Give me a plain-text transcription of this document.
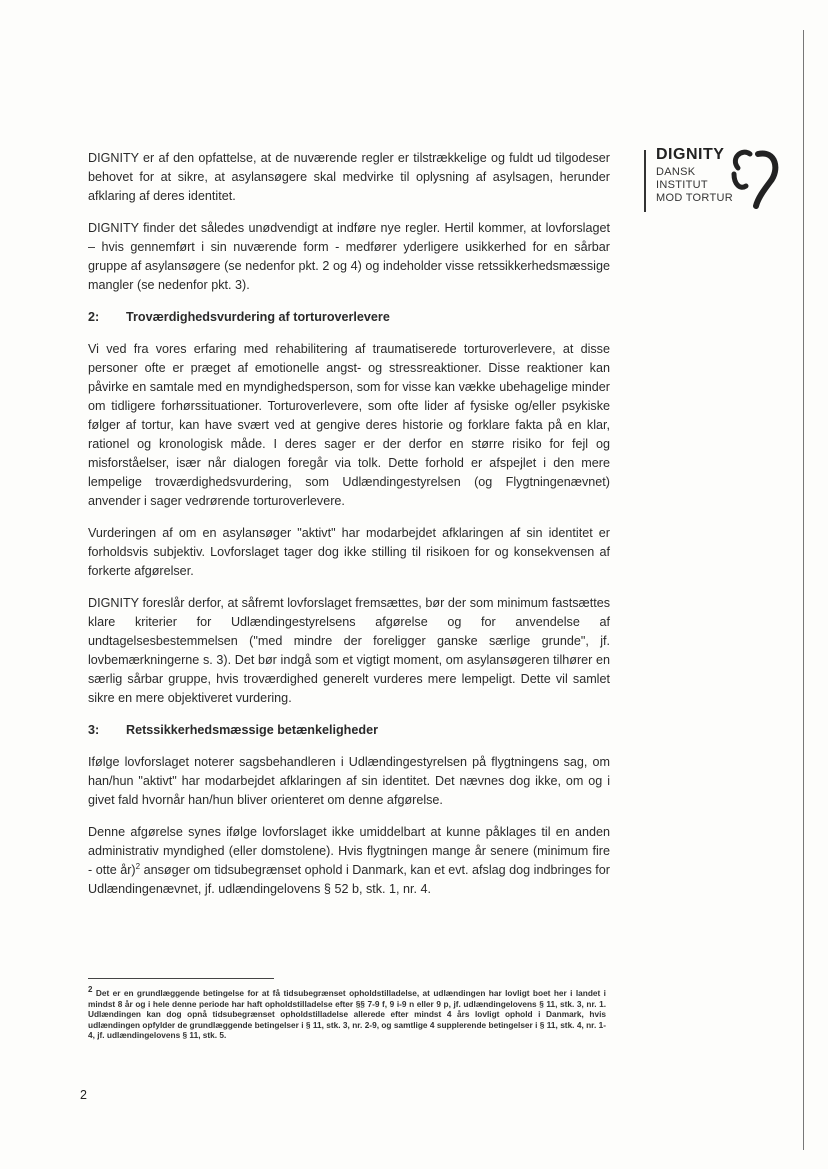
DIGNITY
DANSK
INSTITUT
MOD TORTUR

DIGNITY er af den opfattelse, at de nuværende regler er tilstrækkelige og fuldt ud tilgodeser behovet for at sikre, at asylansøgere skal medvirke til oplysning af asylsagen, herunder afklaring af deres identitet.

DIGNITY finder det således unødvendigt at indføre nye regler. Hertil kommer, at lovforslaget – hvis gennemført i sin nuværende form - medfører yderligere usikkerhed for en sårbar gruppe af asylansøgere (se nedenfor pkt. 2 og 4) og indeholder visse retssikkerhedsmæssige mangler (se nedenfor pkt. 3).

2:	Troværdighedsvurdering af torturoverlevere

Vi ved fra vores erfaring med rehabilitering af traumatiserede torturoverlevere, at disse personer ofte er præget af emotionelle angst- og stressreaktioner. Disse reaktioner kan påvirke en samtale med en myndighedsperson, som for visse kan vække ubehagelige minder om tidligere forhørssituationer. Torturoverlevere, som ofte lider af fysiske og/eller psykiske følger af tortur, kan have svært ved at gengive deres historie og forklare fakta på en klar, rationel og kronologisk måde. I deres sager er der derfor en større risiko for fejl og misforståelser, især når dialogen foregår via tolk. Dette forhold er afspejlet i den mere lempelige troværdighedsvurdering, som Udlændingestyrelsen (og Flygtningenævnet) anvender i sager vedrørende torturoverlevere.

Vurderingen af om en asylansøger "aktivt" har modarbejdet afklaringen af sin identitet er forholdsvis subjektiv. Lovforslaget tager dog ikke stilling til risikoen for og konsekvensen af forkerte afgørelser.

DIGNITY foreslår derfor, at såfremt lovforslaget fremsættes, bør der som minimum fastsættes klare kriterier for Udlændingestyrelsens afgørelse og for anvendelse af undtagelsesbestemmelsen ("med mindre der foreligger ganske særlige grunde", jf. lovbemærkningerne s. 3). Det bør indgå som et vigtigt moment, om asylansøgeren tilhører en særlig sårbar gruppe, hvis troværdighed generelt vurderes mere lempeligt. Dette vil samlet sikre en mere objektiveret vurdering.

3:	Retssikkerhedsmæssige betænkeligheder

Ifølge lovforslaget noterer sagsbehandleren i Udlændingestyrelsen på flygtningens sag, om han/hun "aktivt" har modarbejdet afklaringen af sin identitet. Det nævnes dog ikke, om og i givet fald hvornår han/hun bliver orienteret om denne afgørelse.

Denne afgørelse synes ifølge lovforslaget ikke umiddelbart at kunne påklages til en anden administrativ myndighed (eller domstolene). Hvis flygtningen mange år senere (minimum fire - otte år)$^2$ ansøger om tidsubegrænset ophold i Danmark, kan et evt. afslag dog indbringes for Udlændingenævnet, jf. udlændingelovens § 52 b, stk. 1, nr. 4.

$^2$ Det er en grundlæggende betingelse for at få tidsubegrænset opholdstilladelse, at udlændingen har lovligt boet her i landet i mindst 8 år og i hele denne periode har haft opholdstilladelse efter §§ 7-9 f, 9 i-9 n eller 9 p, jf. udlændingelovens § 11, stk. 3, nr. 1. Udlændingen kan dog opnå tidsubegrænset opholdstilladelse allerede efter mindst 4 års lovligt ophold i Danmark, hvis udlændingen opfylder de grundlæggende betingelser i § 11, stk. 3, nr. 2-9, og samtlige 4 supplerende betingelser i § 11, stk. 4, nr. 1-4, jf. udlændingelovens § 11, stk. 5.

2
